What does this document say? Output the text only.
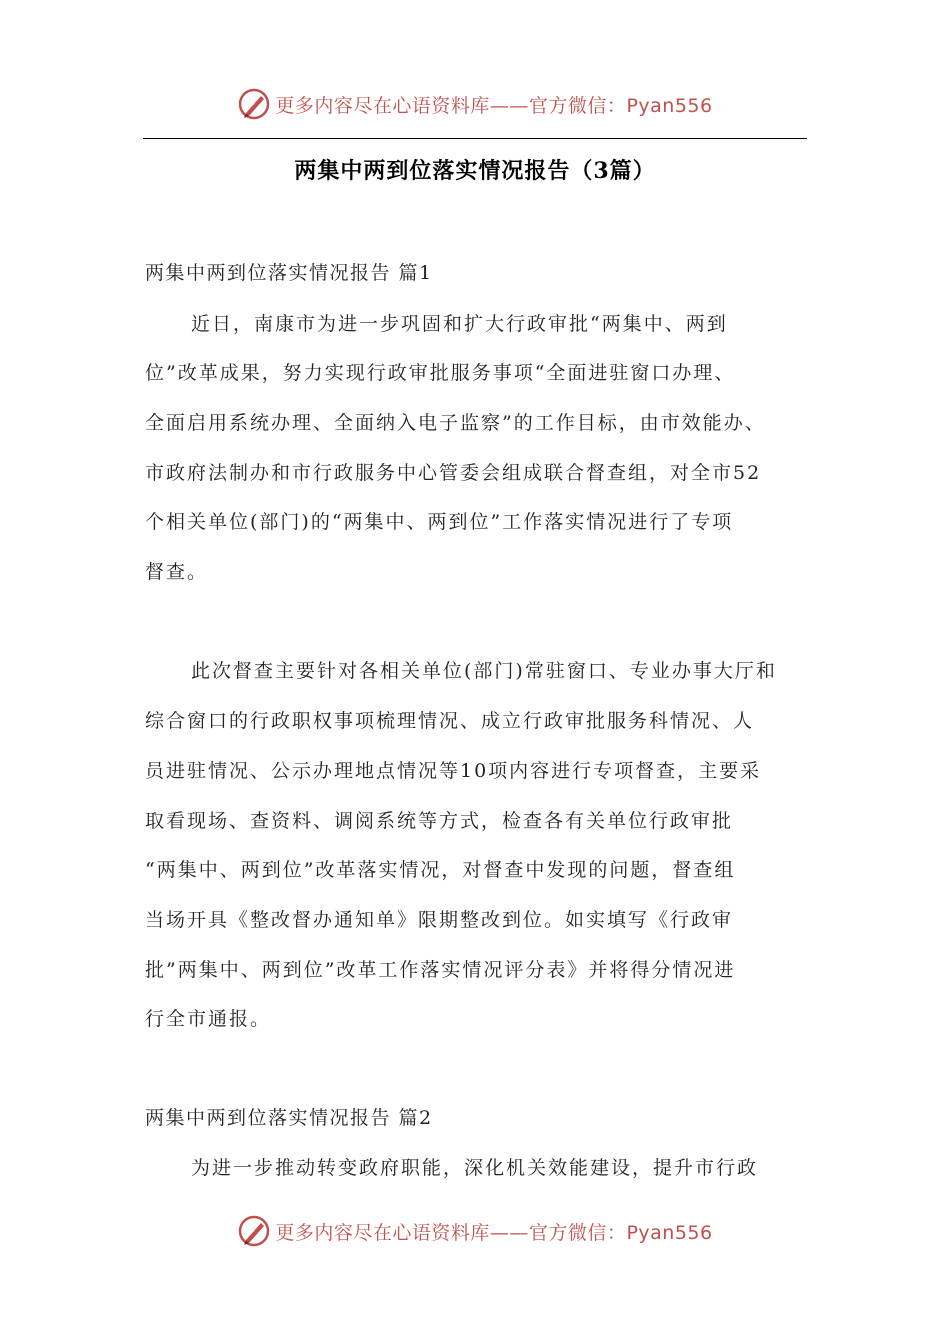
更多内容尽在心语资料库——官方微信：Pyan556
两集中两到位落实情况报告（3篇）
两集中两到位落实情况报告 篇1
近日，南康市为进一步巩固和扩大行政审批“两集中、两到
位”改革成果，努力实现行政审批服务事项“全面进驻窗口办理、
全面启用系统办理、全面纳入电子监察”的工作目标，由市效能办、
市政府法制办和市行政服务中心管委会组成联合督查组，对全市52
个相关单位(部门)的“两集中、两到位”工作落实情况进行了专项
督查。
此次督查主要针对各相关单位(部门)常驻窗口、专业办事大厅和
综合窗口的行政职权事项梳理情况、成立行政审批服务科情况、人
员进驻情况、公示办理地点情况等10项内容进行专项督查，主要采
取看现场、查资料、调阅系统等方式，检查各有关单位行政审批
“两集中、两到位”改革落实情况，对督查中发现的问题，督查组
当场开具《整改督办通知单》限期整改到位。如实填写《行政审
批”两集中、两到位”改革工作落实情况评分表》并将得分情况进
行全市通报。
两集中两到位落实情况报告 篇2
为进一步推动转变政府职能，深化机关效能建设，提升市行政
更多内容尽在心语资料库——官方微信：Pyan556
